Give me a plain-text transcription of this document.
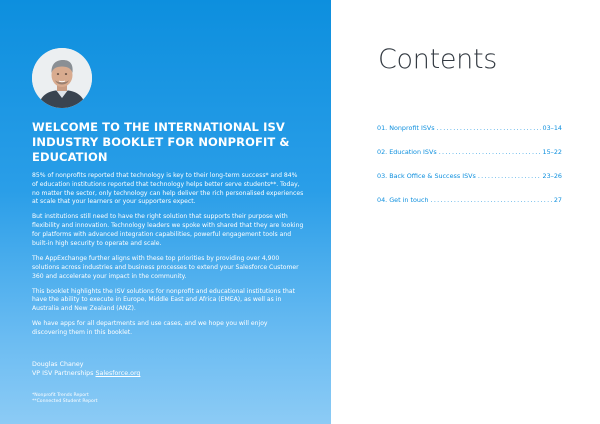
WELCOME TO THE INTERNATIONAL ISV INDUSTRY BOOKLET FOR NONPROFIT & EDUCATION

85% of nonprofits reported that technology is key to their long-term success* and 84% of education institutions reported that technology helps better serve students**. Today, no matter the sector, only technology can help deliver the rich personalised experiences at scale that your learners or your supporters expect.

But institutions still need to have the right solution that supports their purpose with flexibility and innovation. Technology leaders we spoke with shared that they are looking for platforms with advanced integration capabilities, powerful engagement tools and built-in high security to operate and scale.

The AppExchange further aligns with these top priorities by providing over 4,900 solutions across industries and business processes to extend your Salesforce Customer 360 and accelerate your impact in the community.

This booklet highlights the ISV solutions for nonprofit and educational institutions that have the ability to execute in Europe, Middle East and Africa (EMEA), as well as in Australia and New Zealand (ANZ).

We have apps for all departments and use cases, and we hope you will enjoy discovering them in this booklet.

Douglas Chaney
VP ISV Partnerships Salesforce.org
*Nonprofit Trends Report
**Connected Student Report
Contents
01. Nonprofit ISVs .....	03–14
02. Education ISVs .....	15–22
03. Back Office & Success ISVs .....	23–26
04. Get in touch .....	27
